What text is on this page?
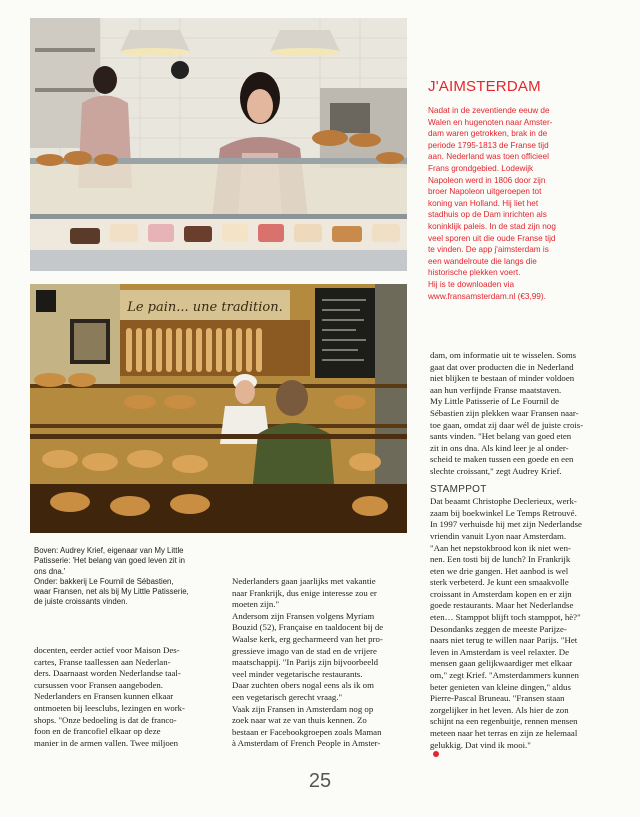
J'AIMSTERDAM
Nadat in de zeventiende eeuw de
Walen en hugenoten naar Amster-
dam waren getrokken, brak in de
periode 1795-1813 de Franse tijd
aan. Nederland was toen officieel
Frans grondgebied. Lodewijk
Napoleon werd in 1806 door zijn
broer Napoleon uitgeroepen tot
koning van Holland. Hij liet het
stadhuis op de Dam inrichten als
koninklijk paleis. In de stad zijn nog
veel sporen uit die oude Franse tijd
te vinden. De app j'aimsterdam is
een wandelroute die langs die
historische plekken voert.
Hij is te downloaden via
www.fransamsterdam.nl (€3,99).
Le pain... une tradition.
Boven: Audrey Krief, eigenaar van My Little
Patisserie: 'Het belang van goed leven zit in
ons dna.'
Onder: bakkerij Le Fournil de Sébastien,
waar Fransen, net als bij My Little Patisserie,
de juiste croissants vinden.
docenten, eerder actief voor Maison Des-
cartes, Franse taallessen aan Nederlan-
ders. Daarnaast worden Nederlandse taal-
cursussen voor Fransen aangeboden.
Nederlanders en Fransen kunnen elkaar
ontmoeten bij leesclubs, lezingen en work-
shops. "Onze bedoeling is dat de franco-
foon en de francofiel elkaar op deze
manier in de armen vallen. Twee miljoen
Nederlanders gaan jaarlijks met vakantie
naar Frankrijk, dus enige interesse zou er
moeten zijn."
Andersom zijn Fransen volgens Myriam
Bouzid (52), Française en taaldocent bij de
Waalse kerk, erg gecharmeerd van het pro-
gressieve imago van de stad en de vrijere
maatschappij. "In Parijs zijn bijvoorbeeld
veel minder vegetarische restaurants.
Daar zuchten obers nogal eens als ik om
een vegetarisch gerecht vraag."
Vaak zijn Fransen in Amsterdam nog op
zoek naar wat ze van thuis kennen. Zo
bestaan er Facebookgroepen zoals Maman
à Amsterdam of French People in Amster-
dam, om informatie uit te wisselen. Soms
gaat dat over producten die in Nederland
niet blijken te bestaan of minder voldoen
aan hun verfijnde Franse maatstaven.
My Little Patisserie of Le Fournil de
Sébastien zijn plekken waar Fransen naar-
toe gaan, omdat zij daar wél de juiste crois-
sants vinden. "Het belang van goed eten
zit in ons dna. Als kind leer je al onder-
scheid te maken tussen een goede en een
slechte croissant," zegt Audrey Krief.
STAMPPOT
Dat beaamt Christophe Declerieux, werk-
zaam bij boekwinkel Le Temps Retrouvé.
In 1997 verhuisde hij met zijn Nederlandse
vriendin vanuit Lyon naar Amsterdam.
"Aan het nepstokbrood kon ik niet wen-
nen. Een tosti bij de lunch? In Frankrijk
eten we drie gangen. Het aanbod is wel
sterk verbeterd. Je kunt een smaakvolle
croissant in Amsterdam kopen en er zijn
goede restaurants. Maar het Nederlandse
eten… Stamppot blijft toch stamppot, hè?"
Desondanks zeggen de meeste Parijze-
naars niet terug te willen naar Parijs. "Het
leven in Amsterdam is veel relaxter. De
mensen gaan gelijkwaardiger met elkaar
om," zegt Krief. "Amsterdammers kunnen
beter genieten van kleine dingen," aldus
Pierre-Pascal Bruneau. "Fransen staan
zorgelijker in het leven. Als hier de zon
schijnt na een regenbuitje, rennen mensen
meteen naar het terras en zijn ze helemaal
gelukkig. Dat vind ik mooi."
25
